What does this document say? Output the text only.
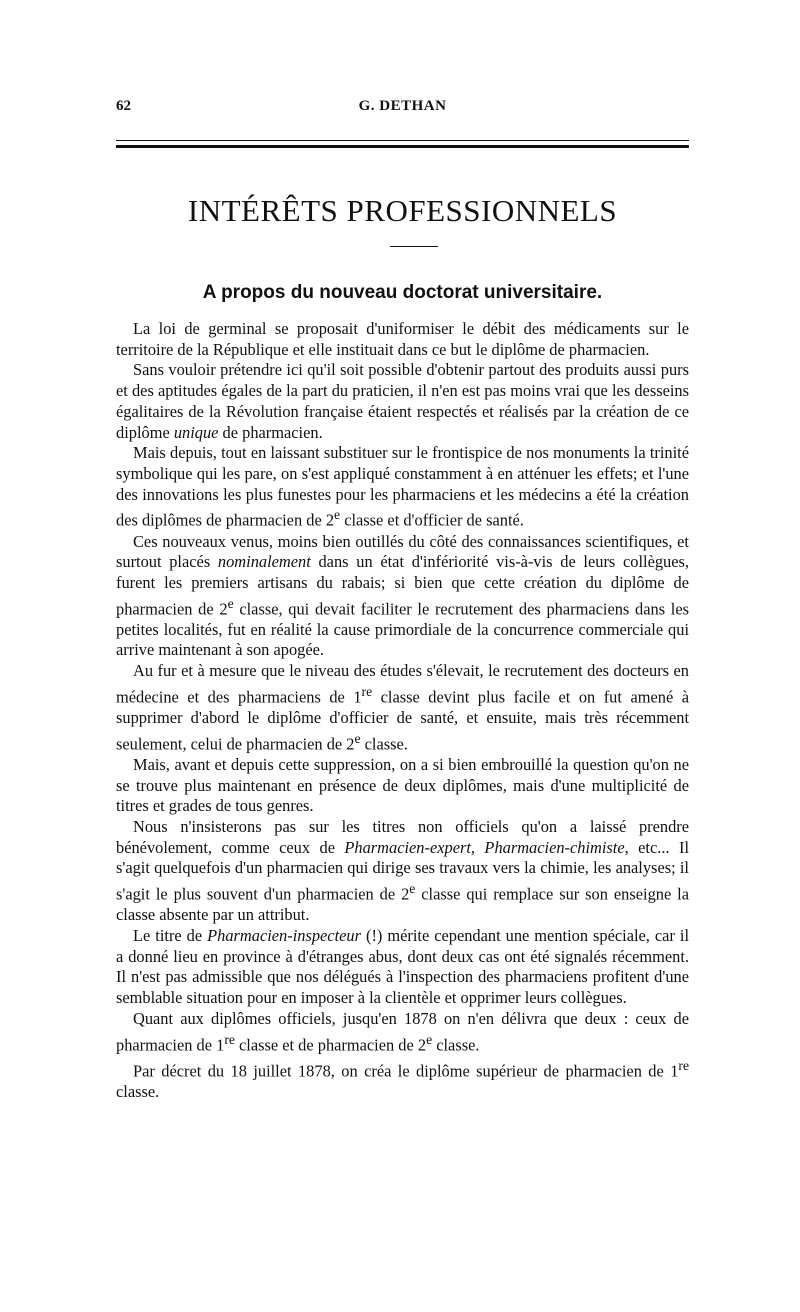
62	G. DETHAN
INTÉRÊTS PROFESSIONNELS
A propos du nouveau doctorat universitaire.

La loi de germinal se proposait d'uniformiser le débit des médicaments sur le territoire de la République et elle instituait dans ce but le diplôme de pharmacien.

Sans vouloir prétendre ici qu'il soit possible d'obtenir partout des produits aussi purs et des aptitudes égales de la part du praticien, il n'en est pas moins vrai que les desseins égalitaires de la Révolution française étaient respectés et réalisés par la création de ce diplôme unique de pharmacien.

Mais depuis, tout en laissant substituer sur le frontispice de nos monuments la trinité symbolique qui les pare, on s'est appliqué constamment à en atténuer les effets; et l'une des innovations les plus funestes pour les pharmaciens et les médecins a été la création des diplômes de pharmacien de 2e classe et d'officier de santé.

Ces nouveaux venus, moins bien outillés du côté des connaissances scientifiques, et surtout placés nominalement dans un état d'infériorité vis-à-vis de leurs collègues, furent les premiers artisans du rabais; si bien que cette création du diplôme de pharmacien de 2e classe, qui devait faciliter le recrutement des pharmaciens dans les petites localités, fut en réalité la cause primordiale de la concurrence commerciale qui arrive maintenant à son apogée.

Au fur et à mesure que le niveau des études s'élevait, le recrutement des docteurs en médecine et des pharmaciens de 1re classe devint plus facile et on fut amené à supprimer d'abord le diplôme d'officier de santé, et ensuite, mais très récemment seulement, celui de pharmacien de 2e classe.

Mais, avant et depuis cette suppression, on a si bien embrouillé la question qu'on ne se trouve plus maintenant en présence de deux diplômes, mais d'une multiplicité de titres et grades de tous genres.

Nous n'insisterons pas sur les titres non officiels qu'on a laissé prendre bénévolement, comme ceux de Pharmacien-expert, Pharmacien-chimiste, etc... Il s'agit quelquefois d'un pharmacien qui dirige ses travaux vers la chimie, les analyses; il s'agit le plus souvent d'un pharmacien de 2e classe qui remplace sur son enseigne la classe absente par un attribut.

Le titre de Pharmacien-inspecteur (!) mérite cependant une mention spéciale, car il a donné lieu en province à d'étranges abus, dont deux cas ont été signalés récemment. Il n'est pas admissible que nos délégués à l'inspection des pharmaciens profitent d'une semblable situation pour en imposer à la clientèle et opprimer leurs collègues.

Quant aux diplômes officiels, jusqu'en 1878 on n'en délivra que deux : ceux de pharmacien de 1re classe et de pharmacien de 2e classe.

Par décret du 18 juillet 1878, on créa le diplôme supérieur de pharmacien de 1re classe.
